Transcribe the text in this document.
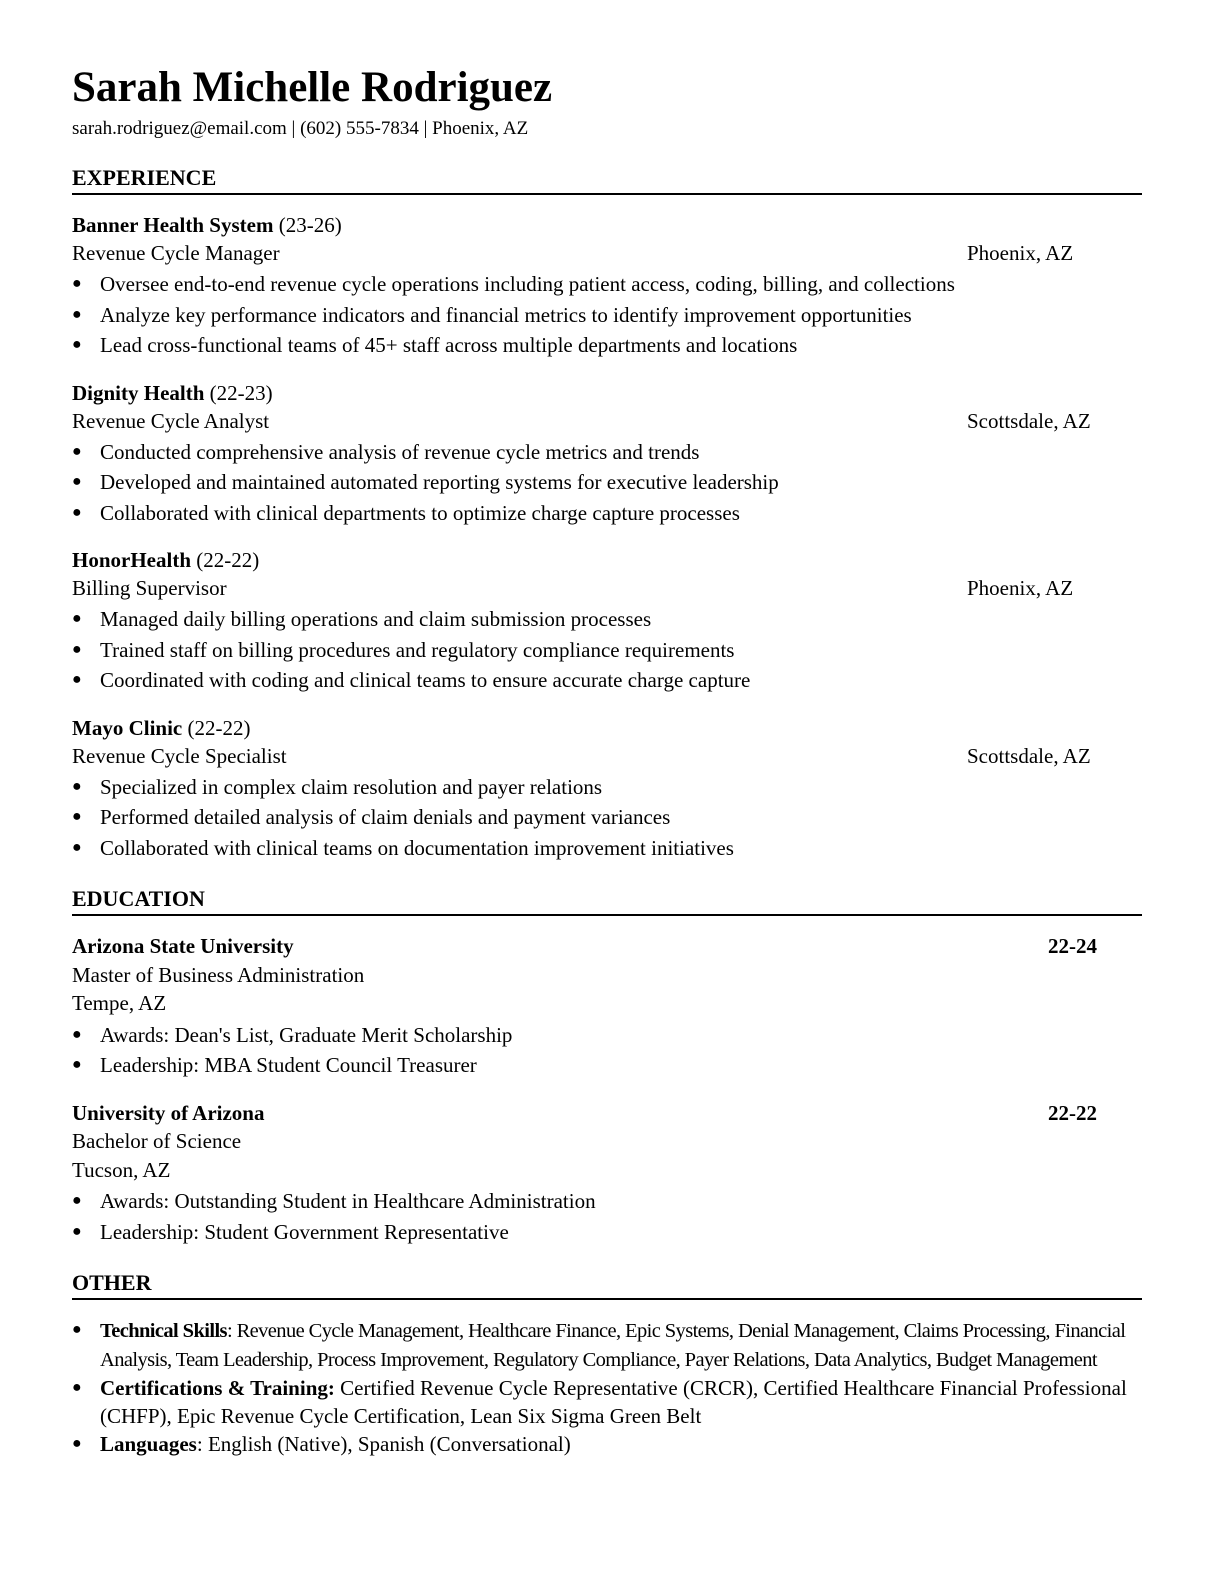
Sarah Michelle Rodriguez
sarah.rodriguez@email.com | (602) 555-7834 | Phoenix, AZ
EXPERIENCE
Banner Health System (23-26)
Revenue Cycle Manager	Phoenix, AZ
● Oversee end-to-end revenue cycle operations including patient access, coding, billing, and collections
● Analyze key performance indicators and financial metrics to identify improvement opportunities
● Lead cross-functional teams of 45+ staff across multiple departments and locations
Dignity Health (22-23)
Revenue Cycle Analyst	Scottsdale, AZ
● Conducted comprehensive analysis of revenue cycle metrics and trends
● Developed and maintained automated reporting systems for executive leadership
● Collaborated with clinical departments to optimize charge capture processes
HonorHealth (22-22)
Billing Supervisor	Phoenix, AZ
● Managed daily billing operations and claim submission processes
● Trained staff on billing procedures and regulatory compliance requirements
● Coordinated with coding and clinical teams to ensure accurate charge capture
Mayo Clinic (22-22)
Revenue Cycle Specialist	Scottsdale, AZ
● Specialized in complex claim resolution and payer relations
● Performed detailed analysis of claim denials and payment variances
● Collaborated with clinical teams on documentation improvement initiatives
EDUCATION
Arizona State University	22-24
Master of Business Administration
Tempe, AZ
● Awards: Dean's List, Graduate Merit Scholarship
● Leadership: MBA Student Council Treasurer
University of Arizona	22-22
Bachelor of Science
Tucson, AZ
● Awards: Outstanding Student in Healthcare Administration
● Leadership: Student Government Representative
OTHER
● Technical Skills: Revenue Cycle Management, Healthcare Finance, Epic Systems, Denial Management, Claims Processing, Financial Analysis, Team Leadership, Process Improvement, Regulatory Compliance, Payer Relations, Data Analytics, Budget Management
● Certifications & Training: Certified Revenue Cycle Representative (CRCR), Certified Healthcare Financial Professional (CHFP), Epic Revenue Cycle Certification, Lean Six Sigma Green Belt
● Languages: English (Native), Spanish (Conversational)
